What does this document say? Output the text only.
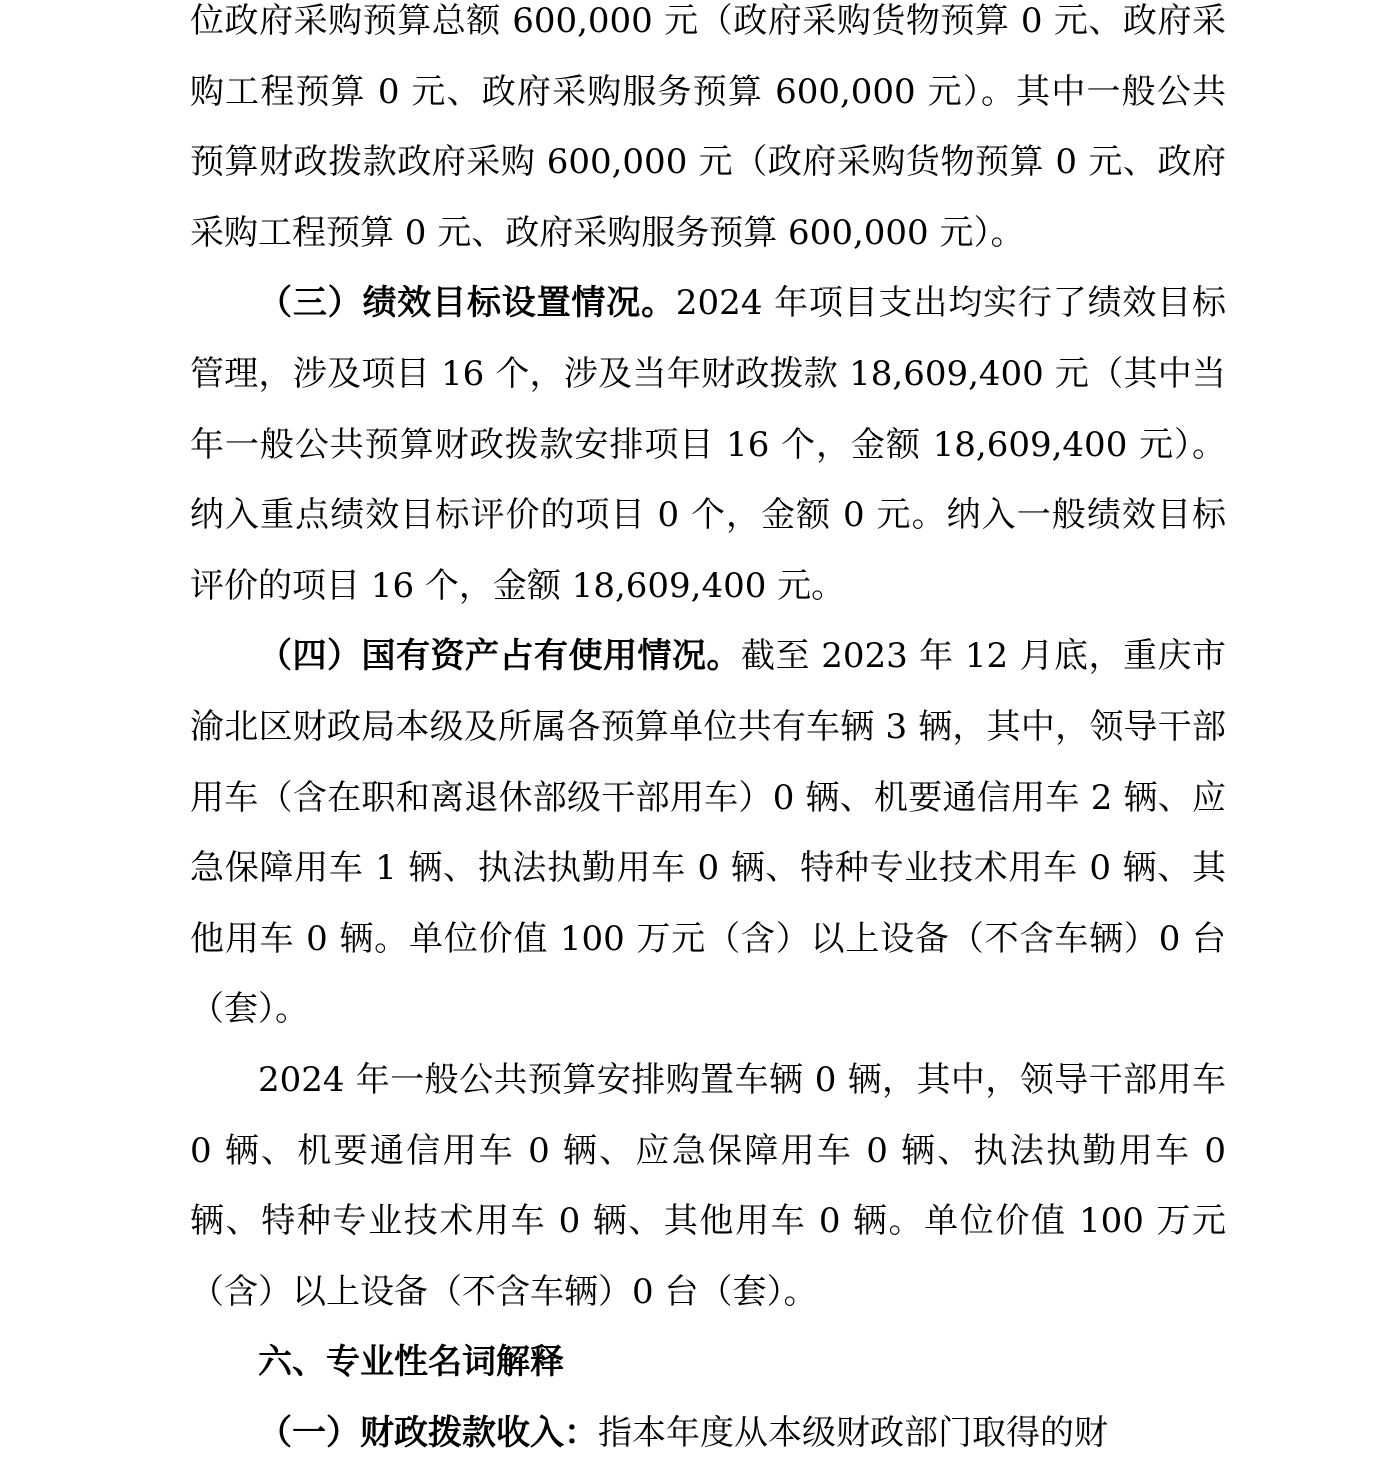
位政府采购预算总额 600,000 元（政府采购货物预算 0 元、政府采购工程预算 0 元、政府采购服务预算 600,000 元）。其中一般公共预算财政拨款政府采购 600,000 元（政府采购货物预算 0 元、政府采购工程预算 0 元、政府采购服务预算 600,000 元）。

（三）绩效目标设置情况。2024 年项目支出均实行了绩效目标管理，涉及项目 16 个，涉及当年财政拨款 18,609,400 元（其中当年一般公共预算财政拨款安排项目 16 个，金额 18,609,400 元）。纳入重点绩效目标评价的项目 0 个，金额 0 元。纳入一般绩效目标评价的项目 16 个，金额 18,609,400 元。

（四）国有资产占有使用情况。截至 2023 年 12 月底，重庆市渝北区财政局本级及所属各预算单位共有车辆 3 辆，其中，领导干部用车（含在职和离退休部级干部用车）0 辆、机要通信用车 2 辆、应急保障用车 1 辆、执法执勤用车 0 辆、特种专业技术用车 0 辆、其他用车 0 辆。单位价值 100 万元（含）以上设备（不含车辆）0 台（套）。

2024 年一般公共预算安排购置车辆 0 辆，其中，领导干部用车 0 辆、机要通信用车 0 辆、应急保障用车 0 辆、执法执勤用车 0 辆、特种专业技术用车 0 辆、其他用车 0 辆。单位价值 100 万元（含）以上设备（不含车辆）0 台（套）。

六、专业性名词解释

（一）财政拨款收入：指本年度从本级财政部门取得的财
